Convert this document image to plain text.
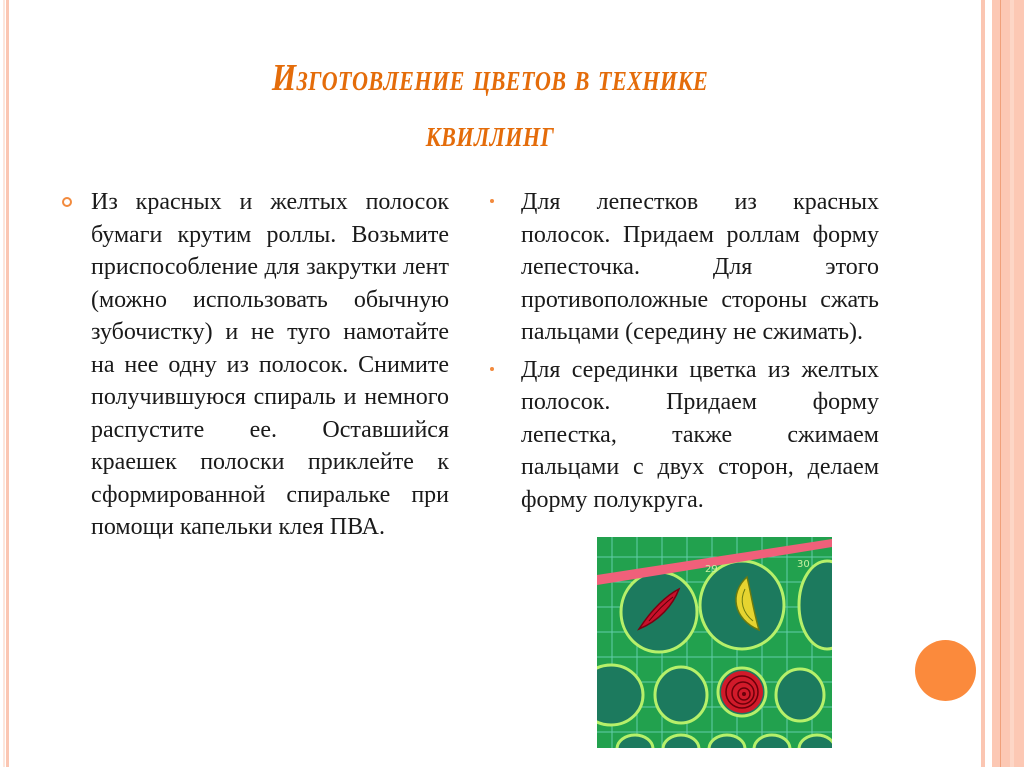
Изготовление цветов в технике
квиллинг
Из красных и желтых полосок бумаги крутим роллы. Возьмите приспособление для закрутки лент (можно использовать обычную зубочистку) и не туго намотайте на нее одну из полосок. Снимите получившуюся спираль и немного распустите ее. Оставшийся краешек полоски приклейте к сформированной спиральке при помощи капельки клея ПВА.
Для лепестков из красных полосок. Придаем роллам форму лепесточка. Для этого противоположные стороны сжать пальцами (середину не сжимать).
Для серединки цветка из желтых полосок. Придаем форму лепестка, также сжимаем пальцами с двух сторон, делаем форму полукруга.
29	30
